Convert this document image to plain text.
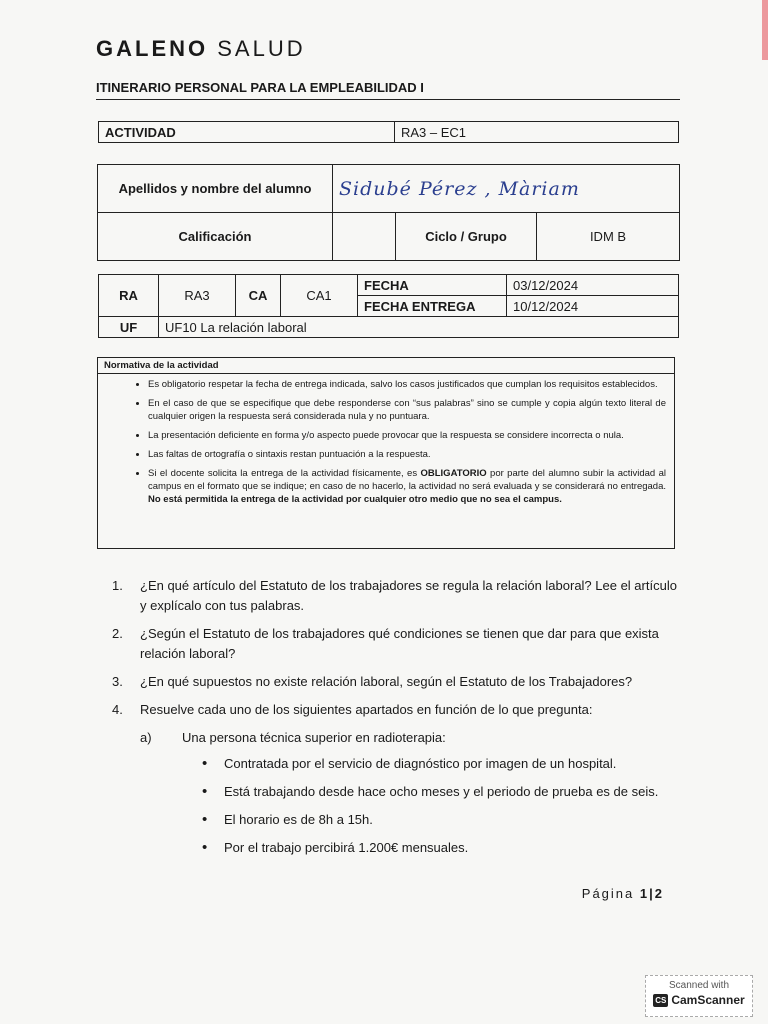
GALENO SALUD
ITINERARIO PERSONAL PARA LA EMPLEABILIDAD I
ACTIVIDAD	RA3 – EC1
Apellidos y nombre del alumno	Sidubé Pérez , Màriam		
Calificación		Ciclo / Grupo	IDM B
RA	RA3	CA	CA1	FECHA	03/12/2024
				FECHA ENTREGA	10/12/2024
UF	UF10 La relación laboral				
Normativa de la actividad
• Es obligatorio respetar la fecha de entrega indicada, salvo los casos justificados que cumplan los requisitos establecidos.
• En el caso de que se especifique que debe responderse con “sus palabras” sino se cumple y copia algún texto literal de cualquier origen la respuesta será considerada nula y no puntuara.
• La presentación deficiente en forma y/o aspecto puede provocar que la respuesta se considere incorrecta o nula.
• Las faltas de ortografía o sintaxis restan puntuación a la respuesta.
• Si el docente solicita la entrega de la actividad físicamente, es OBLIGATORIO por parte del alumno subir la actividad al campus en el formato que se indique; en caso de no hacerlo, la actividad no será evaluada y se considerará no entregada. No está permitida la entrega de la actividad por cualquier otro medio que no sea el campus.
1.	¿En qué artículo del Estatuto de los trabajadores se regula la relación laboral? Lee el artículo y explícalo con tus palabras.
2.	¿Según el Estatuto de los trabajadores qué condiciones se tienen que dar para que exista relación laboral?
3.	¿En qué supuestos no existe relación laboral, según el Estatuto de los Trabajadores?
4.	Resuelve cada uno de los siguientes apartados en función de lo que pregunta:
a)	Una persona técnica superior en radioterapia:
• Contratada por el servicio de diagnóstico por imagen de un hospital.
• Está trabajando desde hace ocho meses y el periodo de prueba es de seis.
• El horario es de 8h a 15h.
• Por el trabajo percibirá 1.200€ mensuales.
Página 1|2
Scanned with
CS CamScanner
